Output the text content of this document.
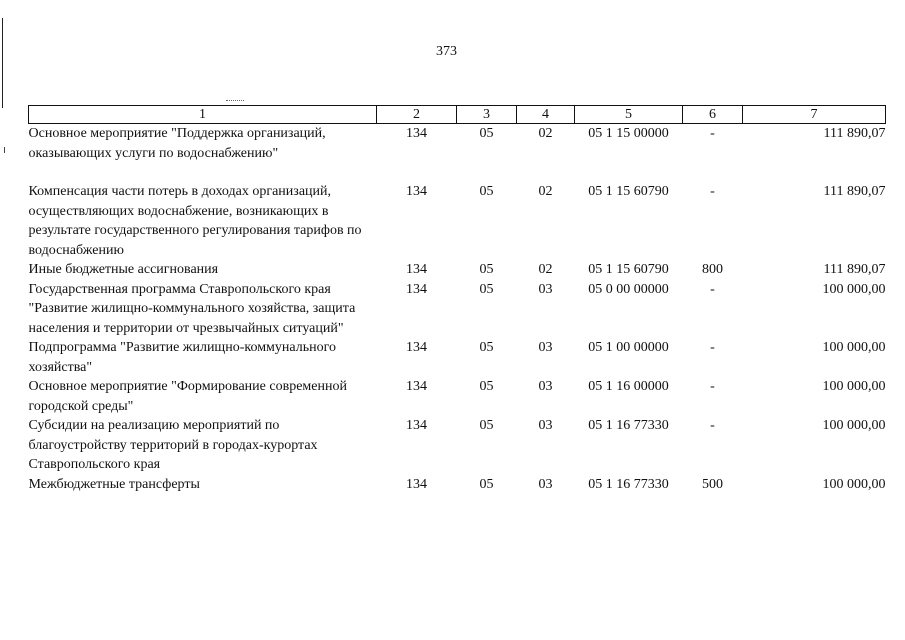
373
1	2	3	4	5	6	7
Основное мероприятие "Поддержка организаций, оказывающих услуги по водоснабжению"	134	05	02	05 1 15 00000	-	111 890,07
Компенсация части потерь в доходах организаций, осуществляющих водоснабжение, возникающих в результате государственного регулирования тарифов по водоснабжению	134	05	02	05 1 15 60790	-	111 890,07
Иные бюджетные ассигнования	134	05	02	05 1 15 60790	800	111 890,07
Государственная программа Ставропольского края "Развитие жилищно-коммунального хозяйства, защита населения и территории от чрезвычайных ситуаций"	134	05	03	05 0 00 00000	-	100 000,00
Подпрограмма "Развитие жилищно-коммунального хозяйства"	134	05	03	05 1 00 00000	-	100 000,00
Основное мероприятие "Формирование современной городской среды"	134	05	03	05 1 16 00000	-	100 000,00
Субсидии на реализацию мероприятий по благоустройству территорий в городах-курортах Ставропольского края	134	05	03	05 1 16 77330	-	100 000,00
Межбюджетные трансферты	134	05	03	05 1 16 77330	500	100 000,00
